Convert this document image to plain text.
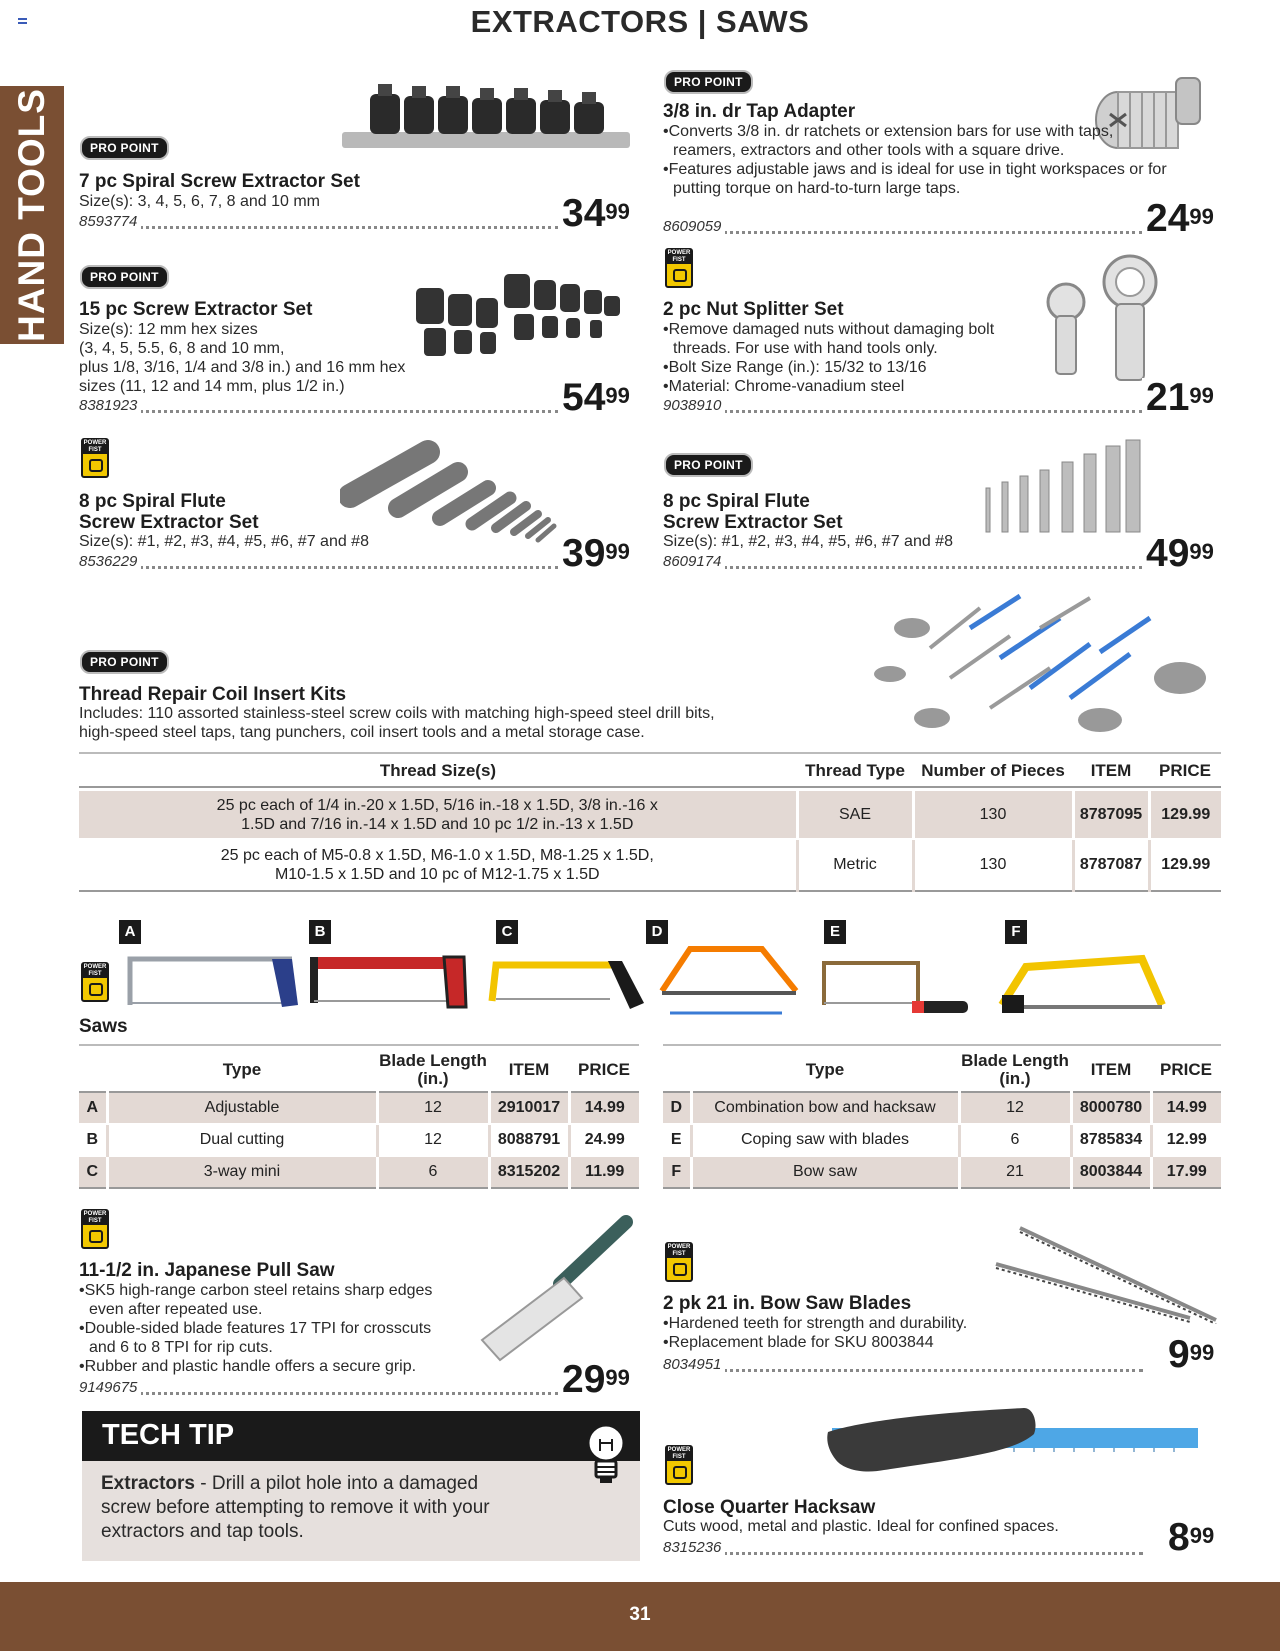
EXTRACTORS | SAWS
HAND TOOLS	PRO POINT
7 pc Spiral Screw Extractor Set
Size(s): 3, 4, 5, 6, 7, 8 and 10 mm
8593774	$34^{99}$
PRO POINT
15 pc Screw Extractor Set
Size(s): 12 mm hex sizes
(3, 4, 5, 5.5, 6, 8 and 10 mm,
plus 1/8, 3/16, 1/4 and 3/8 in.) and 16 mm hex
sizes (11, 12 and 14 mm, plus 1/2 in.)
8381923	$54^{99}$
POWER FIST
8 pc Spiral Flute
Screw Extractor Set
Size(s): #1, #2, #3, #4, #5, #6, #7 and #8
8536229	$39^{99}$
PRO POINT
3/8 in. dr Tap Adapter
•Converts 3/8 in. dr ratchets or extension bars for use with taps, reamers, extractors and other tools with a square drive.
•Features adjustable jaws and is ideal for use in tight workspaces or for putting torque on hard-to-turn large taps.
8609059	$24^{99}$
POWER FIST
2 pc Nut Splitter Set
•Remove damaged nuts without damaging bolt threads. For use with hand tools only.
•Bolt Size Range (in.): 15/32 to 13/16
•Material: Chrome-vanadium steel
9038910	$21^{99}$
PRO POINT
8 pc Spiral Flute
Screw Extractor Set
Size(s): #1, #2, #3, #4, #5, #6, #7 and #8
8609174	$49^{99}$
PRO POINT
Thread Repair Coil Insert Kits
Includes: 110 assorted stainless-steel screw coils with matching high-speed steel drill bits,
high-speed steel taps, tang punchers, coil insert tools and a metal storage case.
Thread Size(s)	Thread Type	Number of Pieces	ITEM	PRICE

25 pc each of 1/4 in.-20 x 1.5D, 5/16 in.-18 x 1.5D, 3/8 in.-16 x
1.5D and 7/16 in.-14 x 1.5D and 10 pc 1/2 in.-13 x 1.5D	SAE	130	8787095	129.99

25 pc each of M5-0.8 x 1.5D, M6-1.0 x 1.5D, M8-1.25 x 1.5D,
M10-1.5 x 1.5D and 10 pc of M12-1.75 x 1.5D	Metric	130	8787087	129.99
A	B	C	D	E	F
POWER FIST
Saws
	Type	Blade Length
(in.)	ITEM	PRICE
A	Adjustable	12	2910017	14.99
B	Dual cutting	12	8088791	24.99
C	3-way mini	6	8315202	11.99
	Type	Blade Length
(in.)	ITEM	PRICE
D	Combination bow and hacksaw	12	8000780	14.99
E	Coping saw with blades	6	8785834	12.99
F	Bow saw	21	8003844	17.99
POWER FIST
11-1/2 in. Japanese Pull Saw
•SK5 high-range carbon steel retains sharp edges even after repeated use.
•Double-sided blade features 17 TPI for crosscuts and 6 to 8 TPI for rip cuts.
•Rubber and plastic handle offers a secure grip.
9149675	$29^{99}$
POWER FIST
2 pk 21 in. Bow Saw Blades
•Hardened teeth for strength and durability.
•Replacement blade for SKU 8003844
8034951	$9^{99}$
TECH TIP
Extractors - Drill a pilot hole into a damaged
screw before attempting to remove it with your
extractors and tap tools.
POWER FIST
Close Quarter Hacksaw
Cuts wood, metal and plastic. Ideal for confined spaces.
8315236	$8^{99}$
31
